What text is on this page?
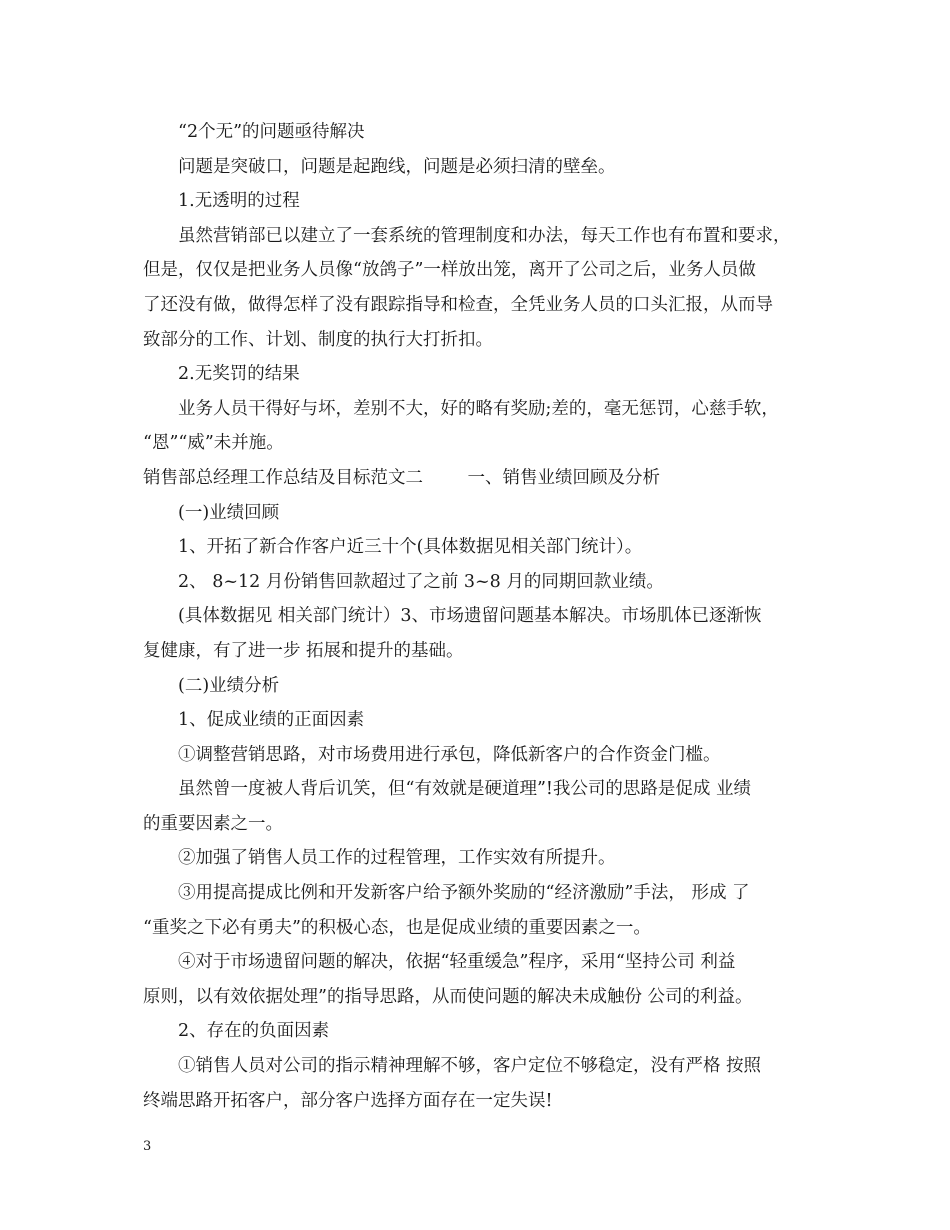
“2个无”的问题亟待解决
问题是突破口，问题是起跑线，问题是必须扫清的壁垒。
1.无透明的过程
虽然营销部已以建立了一套系统的管理制度和办法，每天工作也有布置和要求，
但是，仅仅是把业务人员像“放鸽子”一样放出笼，离开了公司之后，业务人员做
了还没有做，做得怎样了没有跟踪指导和检查，全凭业务人员的口头汇报，从而导
致部分的工作、计划、制度的执行大打折扣。
2.无奖罚的结果
业务人员干得好与坏，差别不大，好的略有奖励;差的，毫无惩罚，心慈手软，
“恩”“威”未并施。
销售部总经理工作总结及目标范文二        一、销售业绩回顾及分析
(一)业绩回顾
1、开拓了新合作客户近三十个(具体数据见相关部门统计）。
2、 8~12 月份销售回款超过了之前 3~8 月的同期回款业绩。
(具体数据见 相关部门统计）3、市场遗留问题基本解决。市场肌体已逐渐恢
复健康，有了进一步 拓展和提升的基础。
(二)业绩分析
1、促成业绩的正面因素
①调整营销思路，对市场费用进行承包，降低新客户的合作资金门槛。
虽然曾一度被人背后讥笑，但“有效就是硬道理”!我公司的思路是促成 业绩
的重要因素之一。
②加强了销售人员工作的过程管理，工作实效有所提升。
③用提高提成比例和开发新客户给予额外奖励的“经济激励”手法， 形成 了
“重奖之下必有勇夫”的积极心态，也是促成业绩的重要因素之一。
④对于市场遗留问题的解决，依据“轻重缓急”程序，采用“坚持公司 利益
原则，以有效依据处理”的指导思路，从而使问题的解决未成触份 公司的利益。
2、存在的负面因素
①销售人员对公司的指示精神理解不够，客户定位不够稳定，没有严格 按照
终端思路开拓客户，部分客户选择方面存在一定失误!
3
